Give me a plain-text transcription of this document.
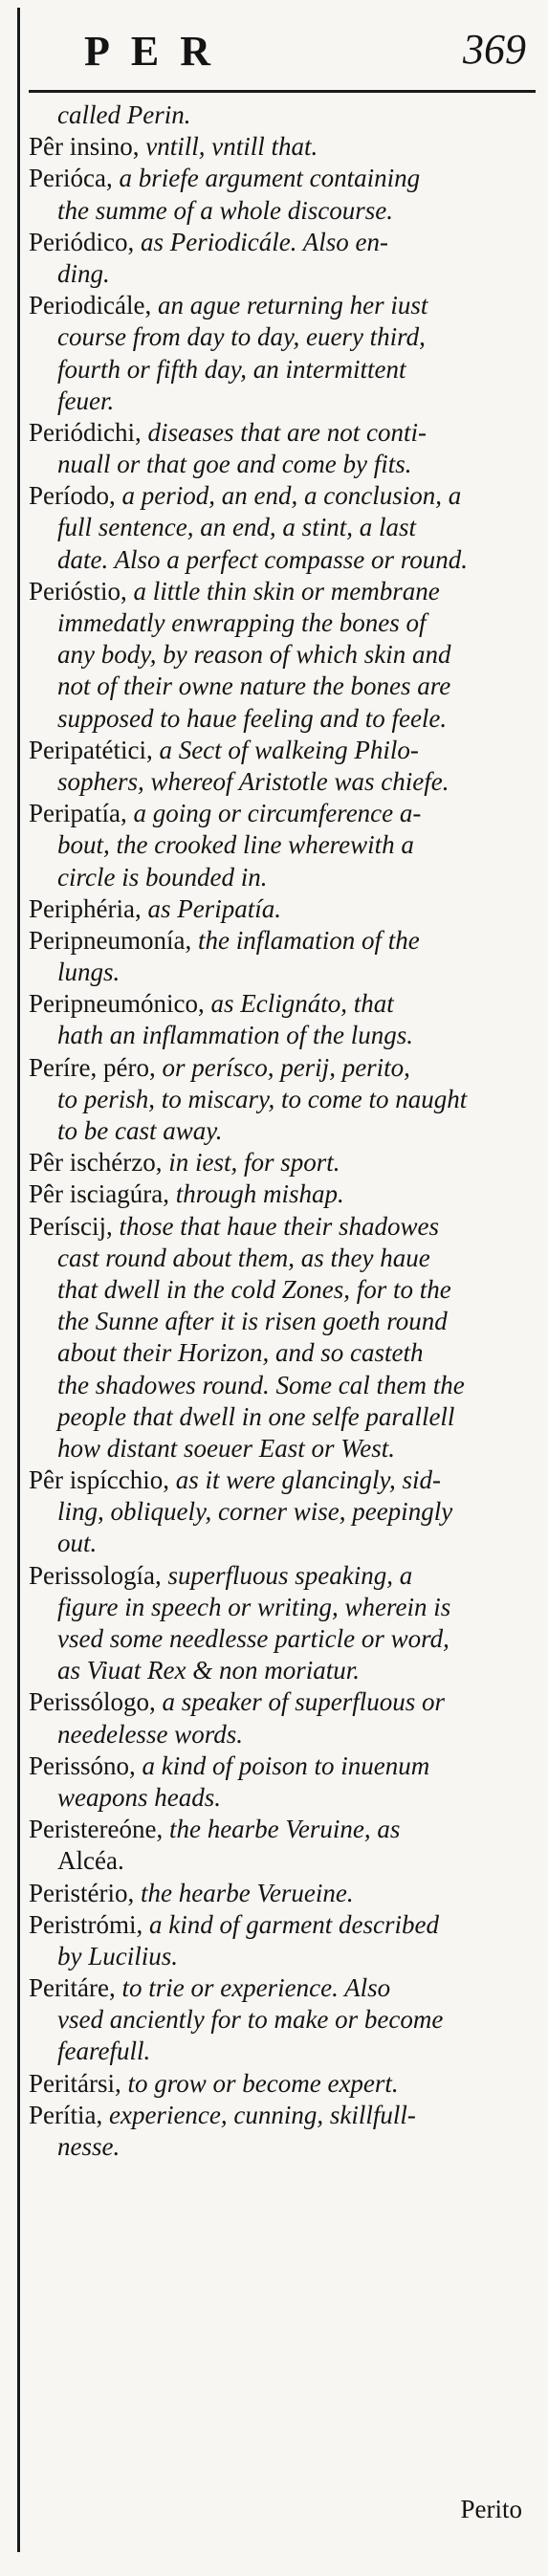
PER	369
called Perin.
Pêr insino, vntill, vntill that.
Perióca, a briefe argument containing
the summe of a whole discourse.
Periódico, as Periodicále. Also en-
ding.
Periodicále, an ague returning her iust
course from day to day, euery third,
fourth or fifth day, an intermittent
feuer.
Periódichi, diseases that are not conti-
nuall or that goe and come by fits.
Período, a period, an end, a conclusion, a
full sentence, an end, a stint, a last
date. Also a perfect compasse or round.
Perióstio, a little thin skin or membrane
immedatly enwrapping the bones of
any body, by reason of which skin and
not of their owne nature the bones are
supposed to haue feeling and to feele.
Peripatétici, a Sect of walkeing Philo-
sophers, whereof Aristotle was chiefe.
Peripatía, a going or circumference a-
bout, the crooked line wherewith a
circle is bounded in.
Periphéria, as Peripatía.
Peripneumonía, the inflamation of the
lungs.
Peripneumónico, as Eclignáto, that
hath an inflammation of the lungs.
Períre, péro, or perísco, perij, perito,
to perish, to miscary, to come to naught
to be cast away.
Pêr ischérzo, in iest, for sport.
Pêr isciagúra, through mishap.
Perísciј, those that haue their shadowes
cast round about them, as they haue
that dwell in the cold Zones, for to the
the Sunne after it is risen goeth round
about their Horizon, and so casteth
the shadowes round. Some cal them the
people that dwell in one selfe parallell
how distant soeuer East or West.
Pêr ispícchio, as it were glancingly, sid-
ling, obliquely, corner wise, peepingly
out.
Perissología, superfluous speaking, a
figure in speech or writing, wherein is
vsed some needlesse particle or word,
as Viuat Rex & non moriatur.
Perissólogo, a speaker of superfluous or
needelesse words.
Perissóno, a kind of poison to inuenum
weapons heads.
Peristereóne, the hearbe Veruine, as
Alcéa.
Peristério, the hearbe Verueine.
Peristrómi, a kind of garment described
by Lucilius.
Peritáre, to trie or experience. Also
vsed anciently for to make or become
fearefull.
Peritársi, to grow or become expert.
Perítia, experience, cunning, skillfull-
nesse.
Perito
